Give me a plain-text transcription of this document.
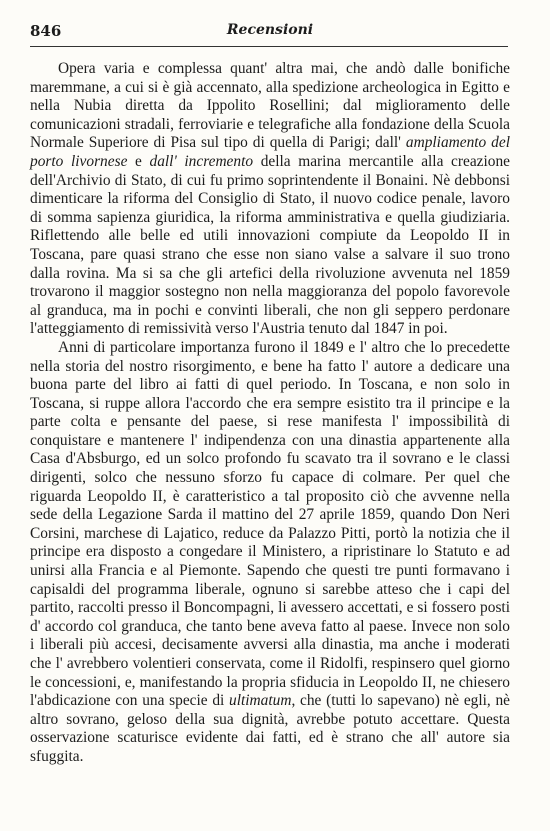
846	Recensioni

Opera varia e complessa quant' altra mai, che andò dalle bonifiche maremmane, a cui si è già accennato, alla spedizione archeologica in Egitto e nella Nubia diretta da Ippolito Rosellini; dal miglioramento delle comunicazioni stradali, ferroviarie e telegrafiche alla fondazione della Scuola Normale Superiore di Pisa sul tipo di quella di Parigi; dall' ampliamento del porto livornese e dall' incremento della marina mercantile alla creazione dell'Archivio di Stato, di cui fu primo soprintendente il Bonaini. Nè debbonsi dimenticare la riforma del Consiglio di Stato, il nuovo codice penale, lavoro di somma sapienza giuridica, la riforma amministrativa e quella giudiziaria. Riflettendo alle belle ed utili innovazioni compiute da Leopoldo II in Toscana, pare quasi strano che esse non siano valse a salvare il suo trono dalla rovina. Ma si sa che gli artefici della rivoluzione avvenuta nel 1859 trovarono il maggior sostegno non nella maggioranza del popolo favorevole al granduca, ma in pochi e convinti liberali, che non gli seppero perdonare l'atteggiamento di remissività verso l'Austria tenuto dal 1847 in poi.

Anni di particolare importanza furono il 1849 e l' altro che lo precedette nella storia del nostro risorgimento, e bene ha fatto l' autore a dedicare una buona parte del libro ai fatti di quel periodo. In Toscana, e non solo in Toscana, si ruppe allora l'accordo che era sempre esistito tra il principe e la parte colta e pensante del paese, si rese manifesta l' impossibilità di conquistare e mantenere l' indipendenza con una dinastia appartenente alla Casa d'Absburgo, ed un solco profondo fu scavato tra il sovrano e le classi dirigenti, solco che nessuno sforzo fu capace di colmare. Per quel che riguarda Leopoldo II, è caratteristico a tal proposito ciò che avvenne nella sede della Legazione Sarda il mattino del 27 aprile 1859, quando Don Neri Corsini, marchese di Lajatico, reduce da Palazzo Pitti, portò la notizia che il principe era disposto a congedare il Ministero, a ripristinare lo Statuto e ad unirsi alla Francia e al Piemonte. Sapendo che questi tre punti formavano i capisaldi del programma liberale, ognuno si sarebbe atteso che i capi del partito, raccolti presso il Boncompagni, li avessero accettati, e si fossero posti d' accordo col granduca, che tanto bene aveva fatto al paese. Invece non solo i liberali più accesi, decisamente avversi alla dinastia, ma anche i moderati che l' avrebbero volentieri conservata, come il Ridolfi, respinsero quel giorno le concessioni, e, manifestando la propria sfiducia in Leopoldo II, ne chiesero l'abdicazione con una specie di ultimatum, che (tutti lo sapevano) nè egli, nè altro sovrano, geloso della sua dignità, avrebbe potuto accettare. Questa osservazione scaturisce evidente dai fatti, ed è strano che all' autore sia sfuggita.
